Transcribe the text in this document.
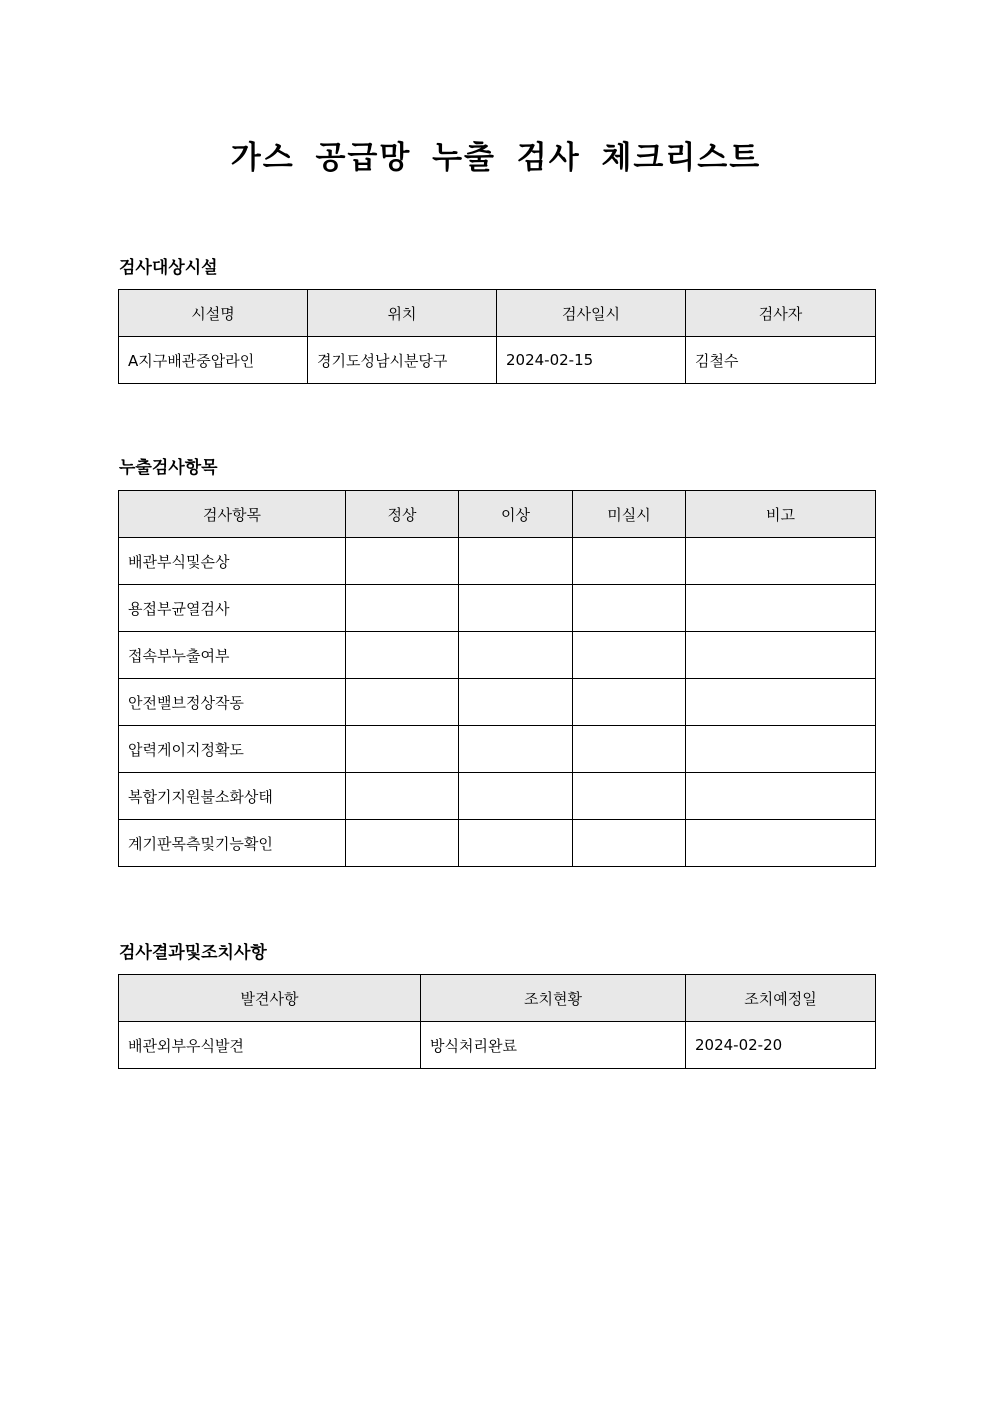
가스 공급망 누출 검사 체크리스트
검사대상시설
시설명	위치	검사일시	검사자
A지구배관중압라인	경기도성남시분당구	2024-02-15	김철수
누출검사항목
검사항목	정상	이상	미실시	비고
배관부식및손상				
용접부균열검사				
접속부누출여부				
안전밸브정상작동				
압력게이지정확도				
복합기지원불소화상태				
계기판목측및기능확인				
검사결과및조치사항
발견사항	조치현황	조치예정일
배관외부우식발견	방식처리완료	2024-02-20
